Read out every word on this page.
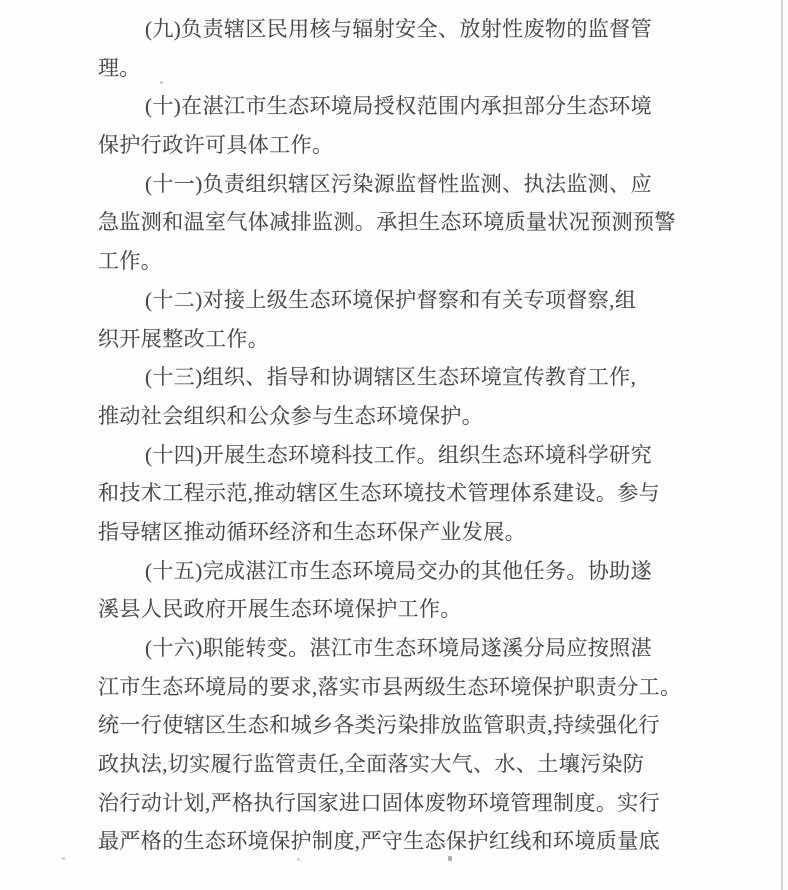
(九)负责辖区民用核与辐射安全、放射性废物的监督管
理。
(十)在湛江市生态环境局授权范围内承担部分生态环境
保护行政许可具体工作。
(十一)负责组织辖区污染源监督性监测、执法监测、应
急监测和温室气体减排监测。承担生态环境质量状况预测预警
工作。
(十二)对接上级生态环境保护督察和有关专项督察,组
织开展整改工作。
(十三)组织、指导和协调辖区生态环境宣传教育工作,
推动社会组织和公众参与生态环境保护。
(十四)开展生态环境科技工作。组织生态环境科学研究
和技术工程示范,推动辖区生态环境技术管理体系建设。参与
指导辖区推动循环经济和生态环保产业发展。
(十五)完成湛江市生态环境局交办的其他任务。协助遂
溪县人民政府开展生态环境保护工作。
(十六)职能转变。湛江市生态环境局遂溪分局应按照湛
江市生态环境局的要求,落实市县两级生态环境保护职责分工。
统一行使辖区生态和城乡各类污染排放监管职责,持续强化行
政执法,切实履行监管责任,全面落实大气、水、土壤污染防
治行动计划,严格执行国家进口固体废物环境管理制度。实行
最严格的生态环境保护制度,严守生态保护红线和环境质量底
